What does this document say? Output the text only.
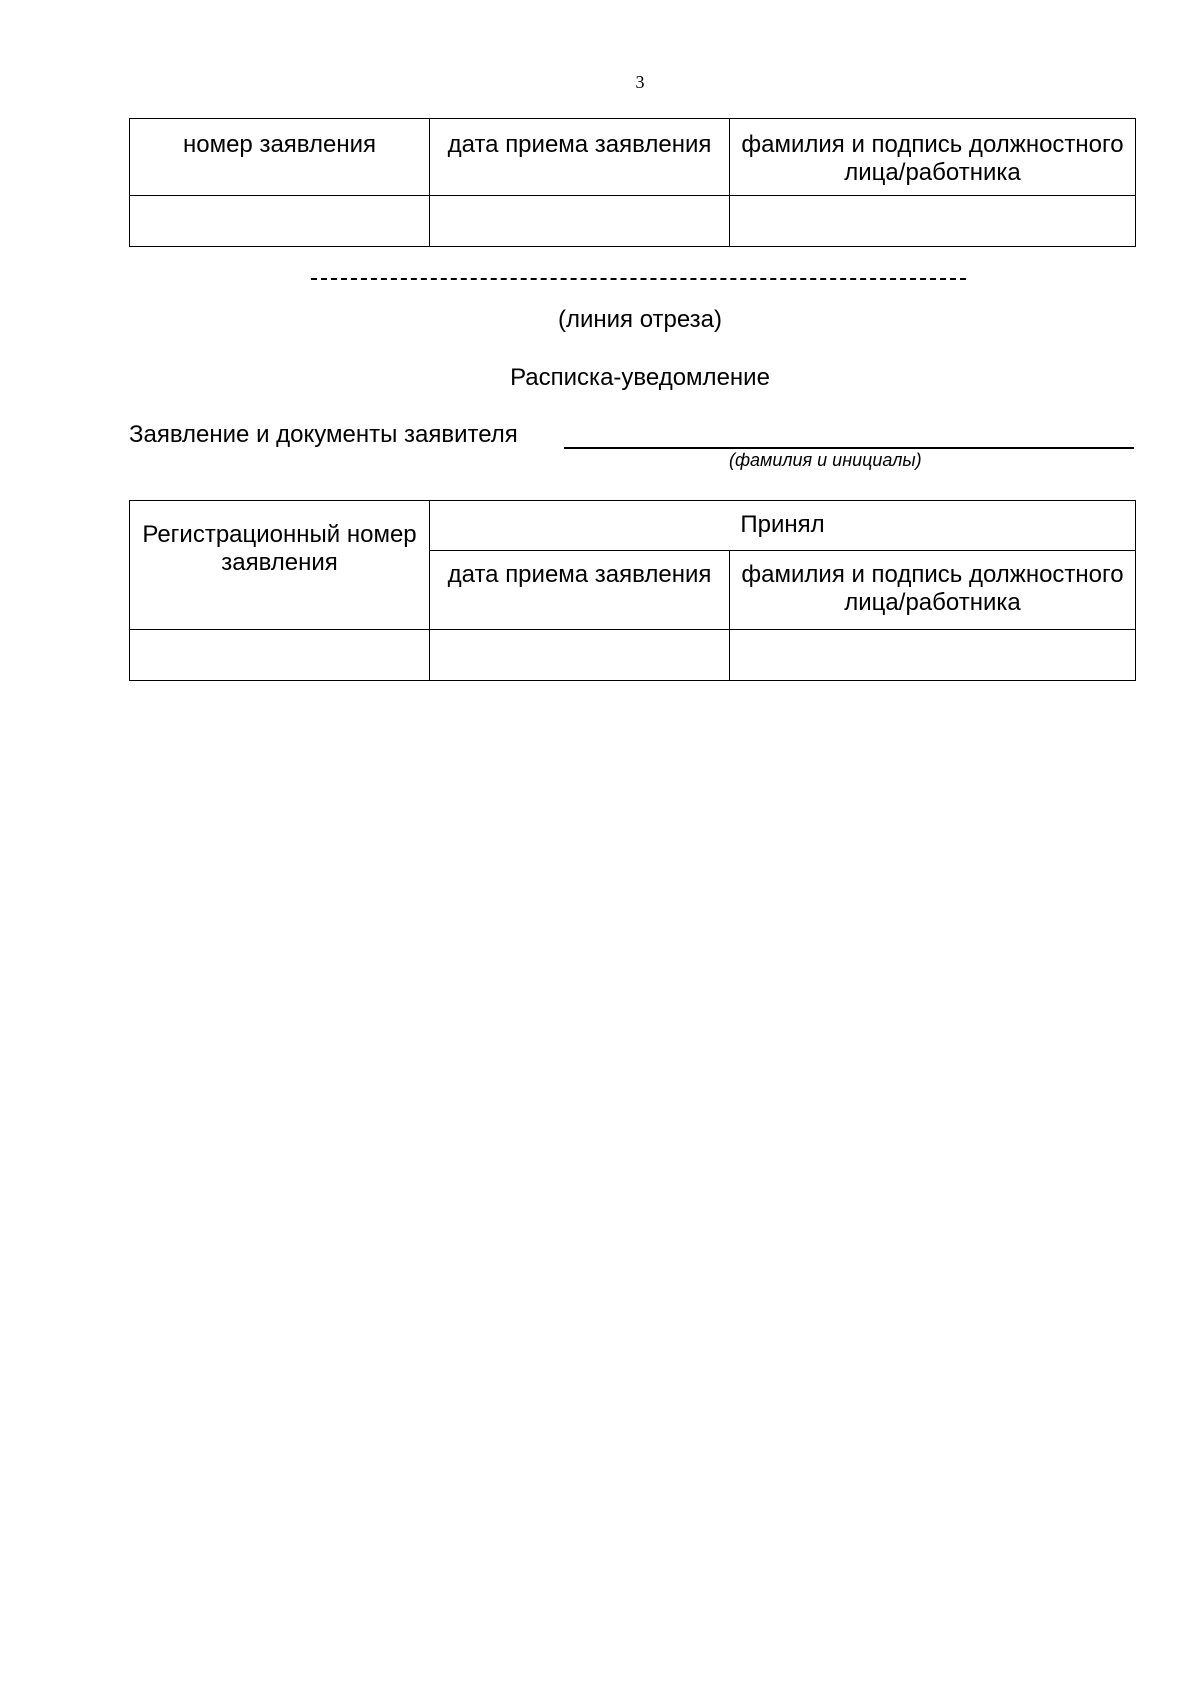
3
номер заявления	дата приема заявления	фамилия и подпись должностного лица/работника

(линия отреза)
Расписка-уведомление
Заявление и документы заявителя
(фамилия и инициалы)
Регистрационный номер заявления	Принял	
	дата приема заявления	фамилия и подпись должностного лица/работника
